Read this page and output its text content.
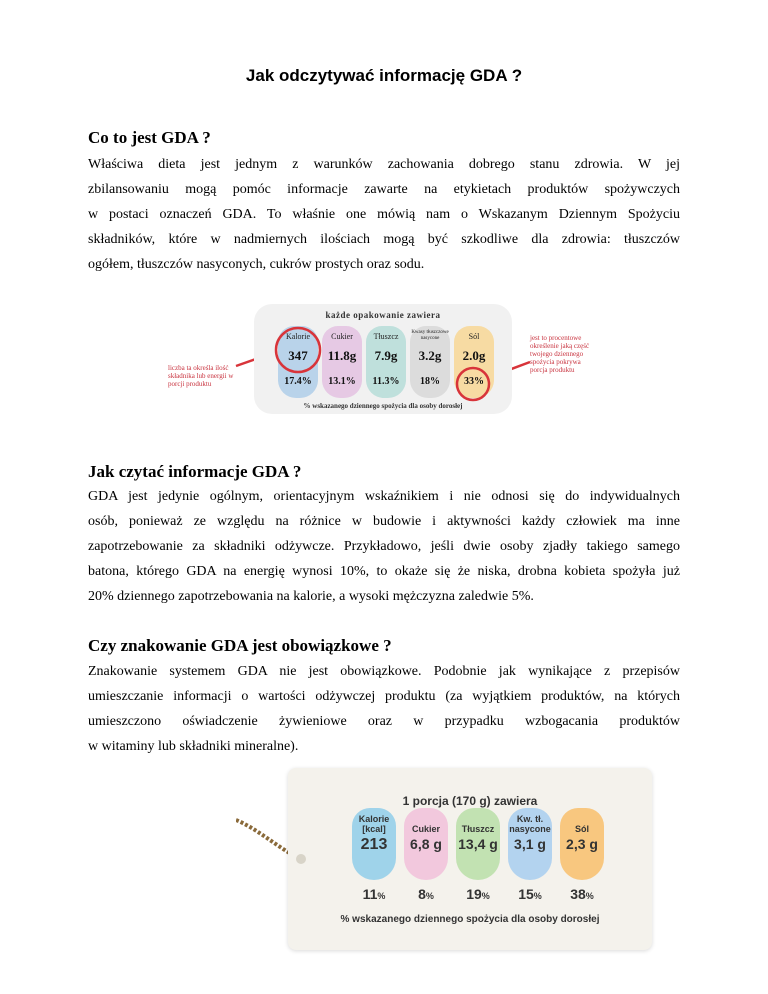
Jak odczytywać informację GDA ?
Co to jest GDA ?
Właściwa dieta jest jednym z warunków zachowania dobrego stanu zdrowia. W jej
zbilansowaniu mogą pomóc informacje zawarte na etykietach produktów spożywczych
w postaci oznaczeń GDA. To właśnie one mówią nam o Wskazanym Dziennym Spożyciu
składników, które w nadmiernych ilościach mogą być szkodliwe dla zdrowia: tłuszczów
ogółem, tłuszczów nasyconych, cukrów prostych oraz sodu.
liczba ta określa ilość składnika lub energii w porcji produktu
jest to procentowe określenie jaką część twojego dziennego spożycia pokrywa porcja produktu
każde opakowanie zawiera
Kalorie
347
17.4%
Cukier
11.8g
13.1%
Tłuszcz
7.9g
11.3%
Kwasy tłuszczowe nasycone
3.2g
18%
Sól
2.0g
33%
% wskazanego dziennego spożycia dla osoby dorosłej
Jak czytać informacje GDA ?
GDA jest jedynie ogólnym, orientacyjnym wskaźnikiem i nie odnosi się do indywidualnych
osób, ponieważ ze względu na różnice w budowie i aktywności każdy człowiek ma inne
zapotrzebowanie za składniki odżywcze. Przykładowo, jeśli dwie osoby zjadły takiego samego
batona, którego GDA na energię wynosi 10%, to okaże się że niska, drobna kobieta spożyła już
20% dziennego zapotrzebowania na kalorie, a wysoki mężczyzna zaledwie 5%.
Czy znakowanie GDA jest obowiązkowe ?
Znakowanie systemem GDA nie jest obowiązkowe. Podobnie jak wynikające z przepisów
umieszczanie informacji o wartości odżywczej produktu (za wyjątkiem produktów, na których
umieszczono oświadczenie żywieniowe oraz w przypadku wzbogacania produktów
w witaminy lub składniki mineralne).
1 porcja (170 g) zawiera
Kalorie [kcal]
213
11%
Cukier
6,8 g
8%
Tłuszcz
13,4 g
19%
Kw. tł. nasycone
3,1 g
15%
Sól
2,3 g
38%
% wskazanego dziennego spożycia dla osoby dorosłej
